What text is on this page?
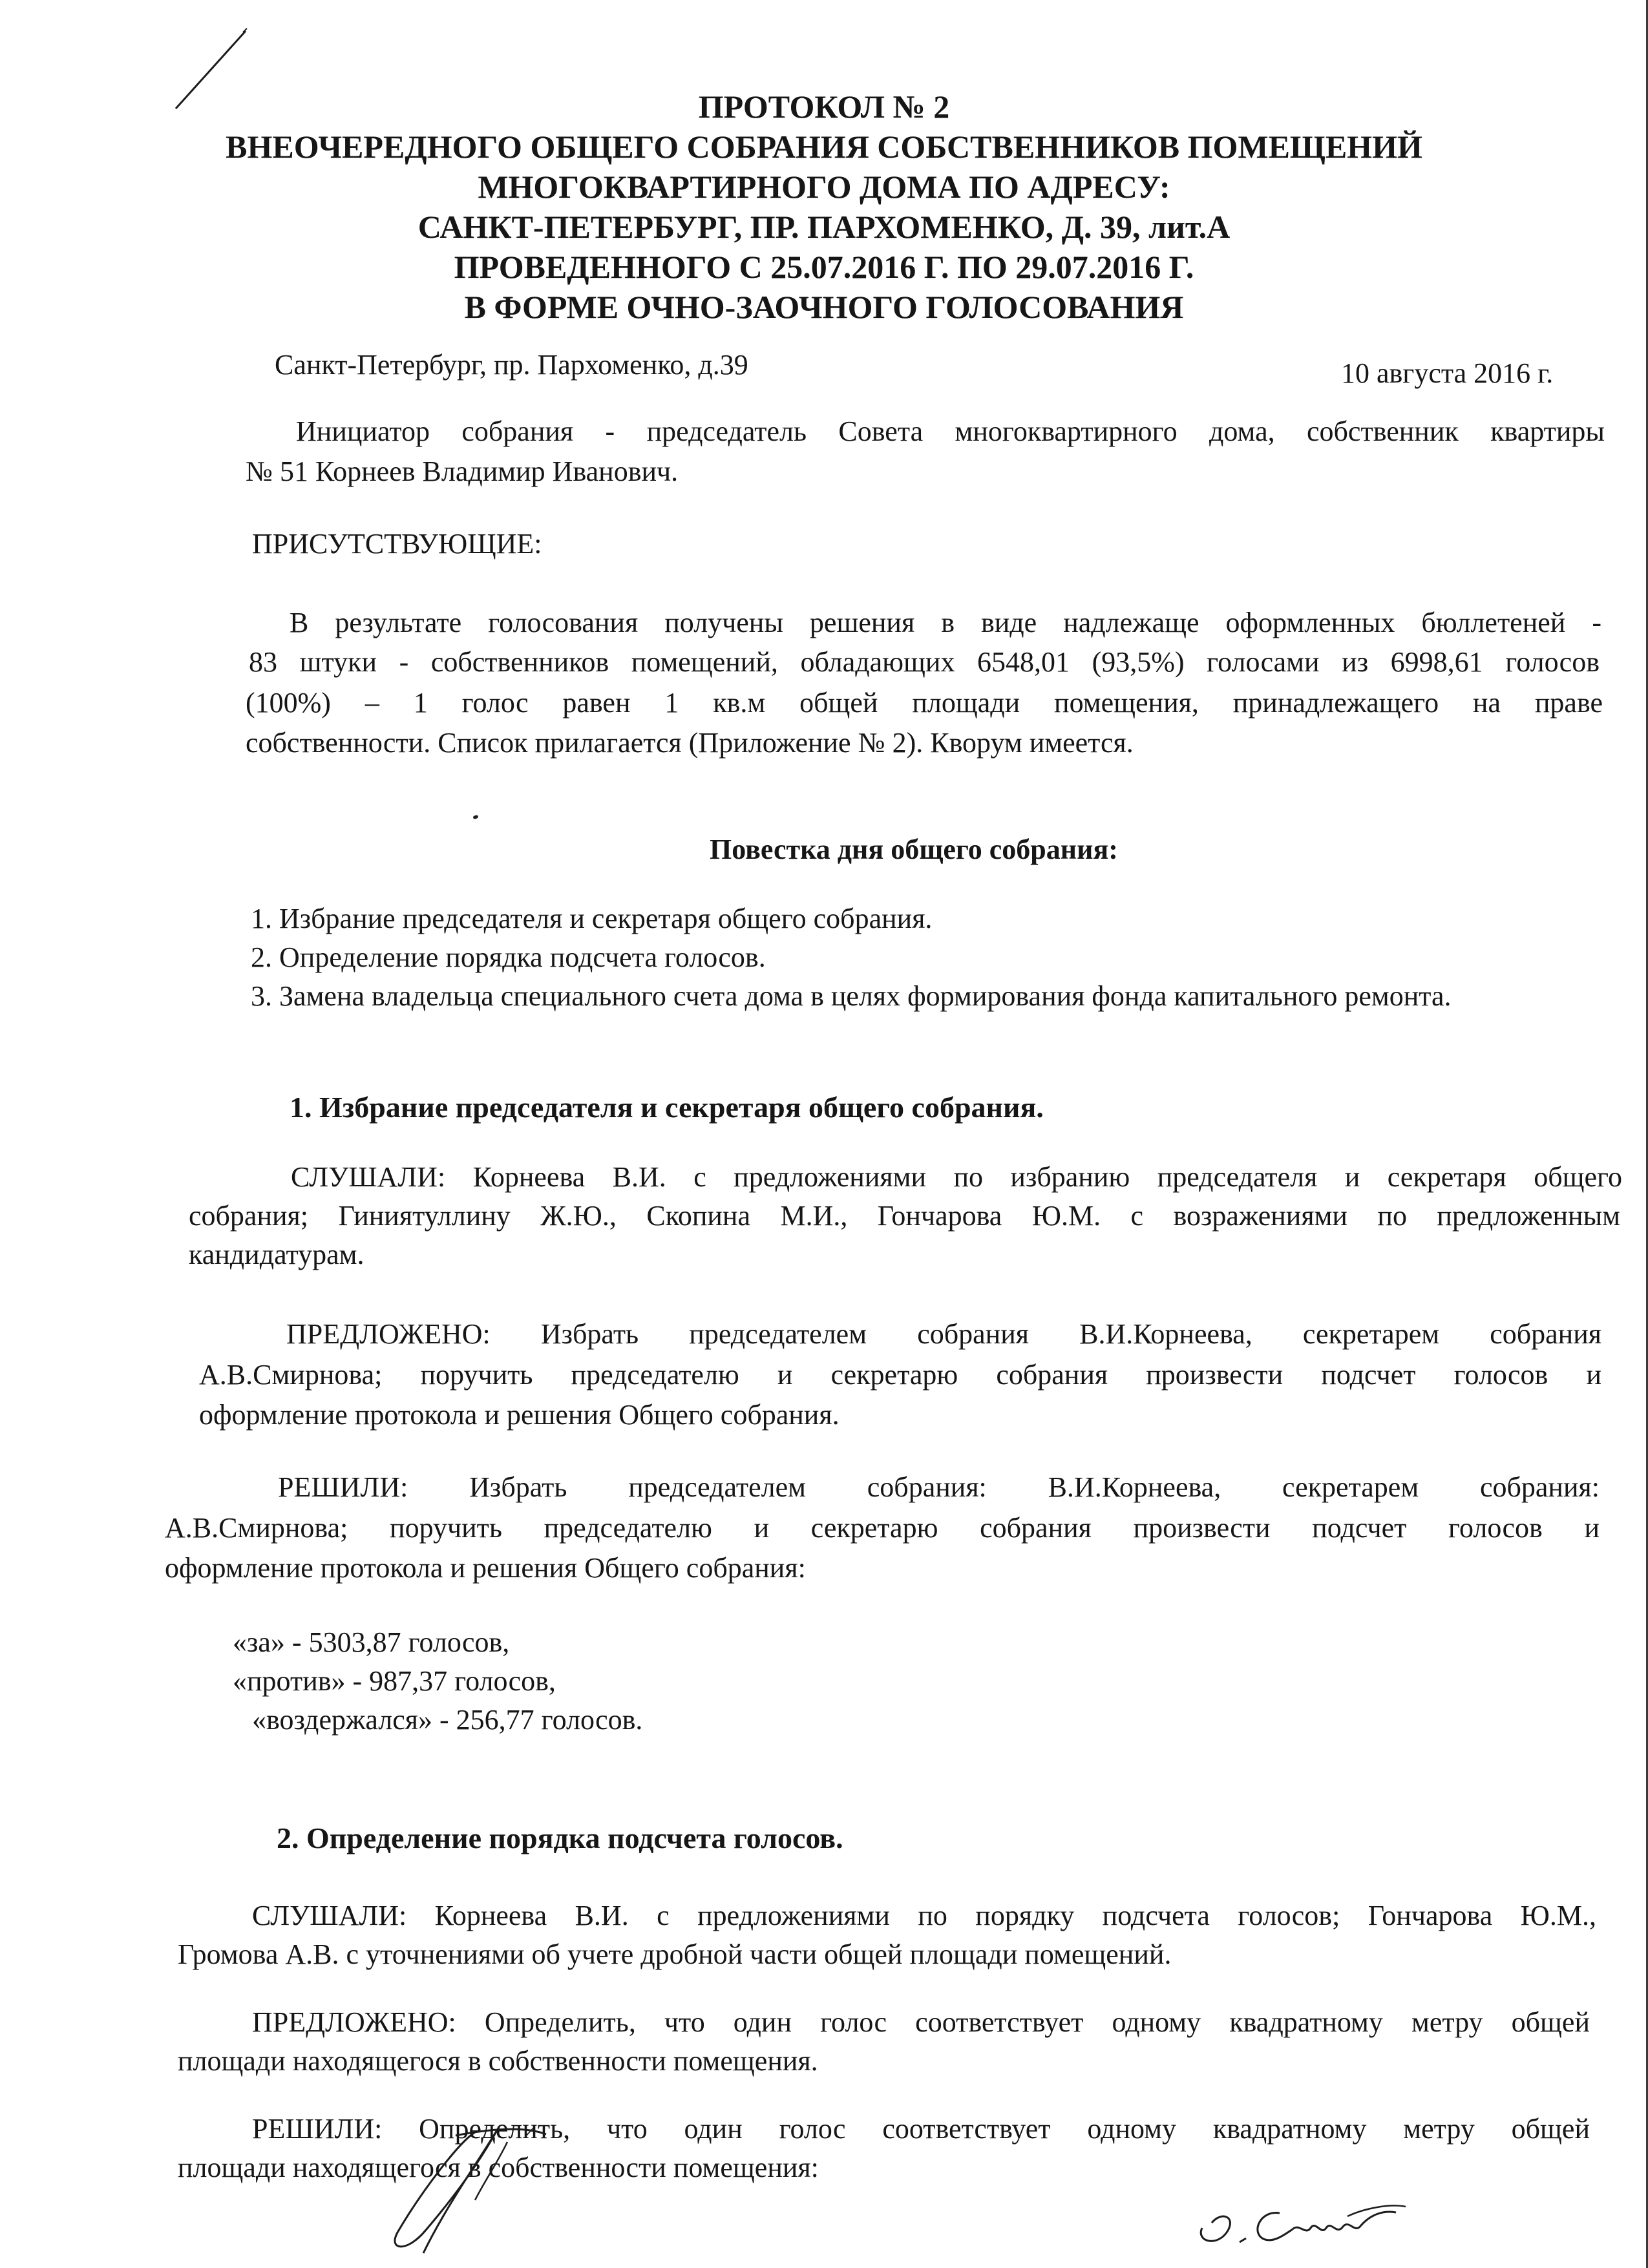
ПРОТОКОЛ № 2
ВНЕОЧЕРЕДНОГО ОБЩЕГО СОБРАНИЯ СОБСТВЕННИКОВ ПОМЕЩЕНИЙ
МНОГОКВАРТИРНОГО ДОМА ПО АДРЕСУ:
САНКТ-ПЕТЕРБУРГ, ПР. ПАРХОМЕНКО, Д. 39, лит.А
ПРОВЕДЕННОГО С 25.07.2016 Г. ПО 29.07.2016 Г.
В ФОРМЕ ОЧНО-ЗАОЧНОГО ГОЛОСОВАНИЯ
Санкт-Петербург, пр. Пархоменко, д.39	10 августа 2016 г.
Инициатор собрания - председатель Совета многоквартирного дома, собственник квартиры
№ 51 Корнеев Владимир Иванович.
ПРИСУТСТВУЮЩИЕ:
В результате голосования получены решения в виде надлежаще оформленных бюллетеней -
83 штуки - собственников помещений, обладающих 6548,01 (93,5%) голосами из 6998,61 голосов
(100%) – 1 голос равен 1 кв.м общей площади помещения, принадлежащего на праве
собственности. Список прилагается (Приложение № 2). Кворум имеется.
Повестка дня общего собрания:
1. Избрание председателя и секретаря общего собрания.
2. Определение порядка подсчета голосов.
3. Замена владельца специального счета дома в целях формирования фонда капитального ремонта.
1. Избрание председателя и секретаря общего собрания.
СЛУШАЛИ: Корнеева В.И. с предложениями по избранию председателя и секретаря общего
собрания; Гиниятуллину Ж.Ю., Скопина М.И., Гончарова Ю.М. с возражениями по предложенным
кандидатурам.
ПРЕДЛОЖЕНО: Избрать председателем собрания В.И.Корнеева, секретарем собрания
А.В.Смирнова; поручить председателю и секретарю собрания произвести подсчет голосов и
оформление протокола и решения Общего собрания.
РЕШИЛИ: Избрать председателем собрания: В.И.Корнеева, секретарем собрания:
А.В.Смирнова; поручить председателю и секретарю собрания произвести подсчет голосов и
оформление протокола и решения Общего собрания:
«за» - 5303,87 голосов,
«против» - 987,37 голосов,
«воздержался» - 256,77 голосов.
2. Определение порядка подсчета голосов.
СЛУШАЛИ: Корнеева В.И. с предложениями по порядку подсчета голосов; Гончарова Ю.М.,
Громова А.В. с уточнениями об учете дробной части общей площади помещений.
ПРЕДЛОЖЕНО: Определить, что один голос соответствует одному квадратному метру общей
площади находящегося в собственности помещения.
РЕШИЛИ: Определить, что один голос соответствует одному квадратному метру общей
площади находящегося в собственности помещения:
